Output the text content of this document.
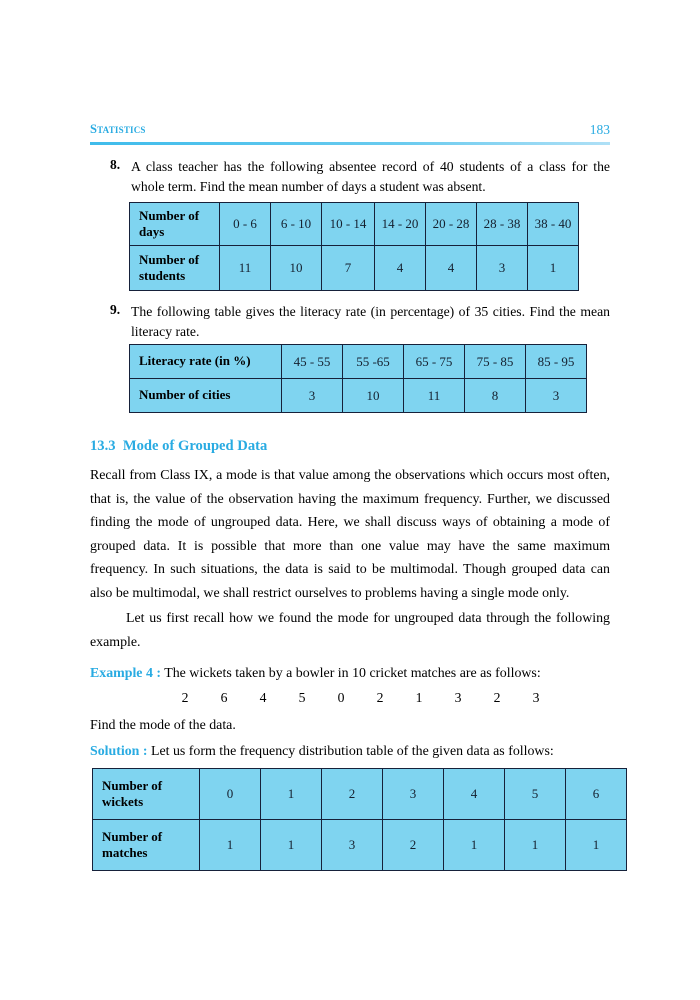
Statistics	183
8. A class teacher has the following absentee record of 40 students of a class for the whole term. Find the mean number of days a student was absent.
Number of
days	0 - 6	6 - 10	10 - 14	14 - 20	20 - 28	28 - 38	38 - 40
Number of
students	11	10	7	4	4	3	1
9. The following table gives the literacy rate (in percentage) of 35 cities. Find the mean literacy rate.
Literacy rate (in %)	45 - 55	55 -65	65 - 75	75 - 85	85 - 95
Number of cities	3	10	11	8	3
13.3 Mode of Grouped Data
Recall from Class IX, a mode is that value among the observations which occurs most often, that is, the value of the observation having the maximum frequency. Further, we discussed finding the mode of ungrouped data. Here, we shall discuss ways of obtaining a mode of grouped data. It is possible that more than one value may have the same maximum frequency. In such situations, the data is said to be multimodal. Though grouped data can also be multimodal, we shall restrict ourselves to problems having a single mode only.
Let us first recall how we found the mode for ungrouped data through the following example.
Example 4 : The wickets taken by a bowler in 10 cricket matches are as follows:
2	6	4	5	0	2	1	3	2	3
Find the mode of the data.
Solution : Let us form the frequency distribution table of the given data as follows:
Number of
wickets	0	1	2	3	4	5	6
Number of
matches	1	1	3	2	1	1	1
